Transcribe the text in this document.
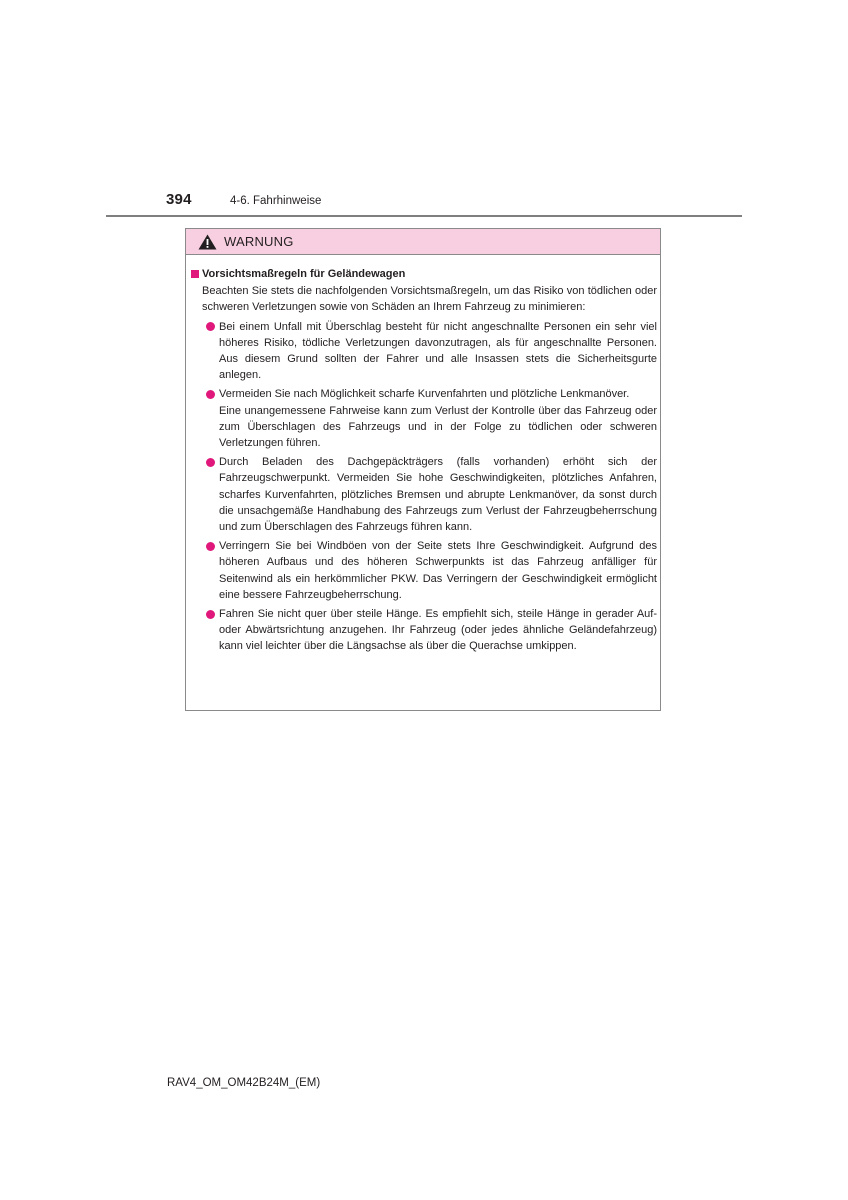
394	4-6. Fahrhinweise
WARNUNG
Vorsichtsmaßregeln für Geländewagen
Beachten Sie stets die nachfolgenden Vorsichtsmaßregeln, um das Risiko von tödlichen oder schweren Verletzungen sowie von Schäden an Ihrem Fahrzeug zu minimieren:
Bei einem Unfall mit Überschlag besteht für nicht angeschnallte Personen ein sehr viel höheres Risiko, tödliche Verletzungen davonzutragen, als für angeschnallte Personen. Aus diesem Grund sollten der Fahrer und alle Insassen stets die Sicherheitsgurte anlegen.
Vermeiden Sie nach Möglichkeit scharfe Kurvenfahrten und plötzliche Lenkmanöver.
Eine unangemessene Fahrweise kann zum Verlust der Kontrolle über das Fahrzeug oder zum Überschlagen des Fahrzeugs und in der Folge zu tödlichen oder schweren Verletzungen führen.
Durch Beladen des Dachgepäckträgers (falls vorhanden) erhöht sich der Fahrzeugschwerpunkt. Vermeiden Sie hohe Geschwindigkeiten, plötzliches Anfahren, scharfes Kurvenfahrten, plötzliches Bremsen und abrupte Lenkmanöver, da sonst durch die unsachgemäße Handhabung des Fahrzeugs zum Verlust der Fahrzeugbeherrschung und zum Überschlagen des Fahrzeugs führen kann.
Verringern Sie bei Windböen von der Seite stets Ihre Geschwindigkeit. Aufgrund des höheren Aufbaus und des höheren Schwerpunkts ist das Fahrzeug anfälliger für Seitenwind als ein herkömmlicher PKW. Das Verringern der Geschwindigkeit ermöglicht eine bessere Fahrzeugbeherrschung.
Fahren Sie nicht quer über steile Hänge. Es empfiehlt sich, steile Hänge in gerader Auf- oder Abwärtsrichtung anzugehen. Ihr Fahrzeug (oder jedes ähnliche Geländefahrzeug) kann viel leichter über die Längsachse als über die Querachse umkippen.
RAV4_OM_OM42B24M_(EM)
